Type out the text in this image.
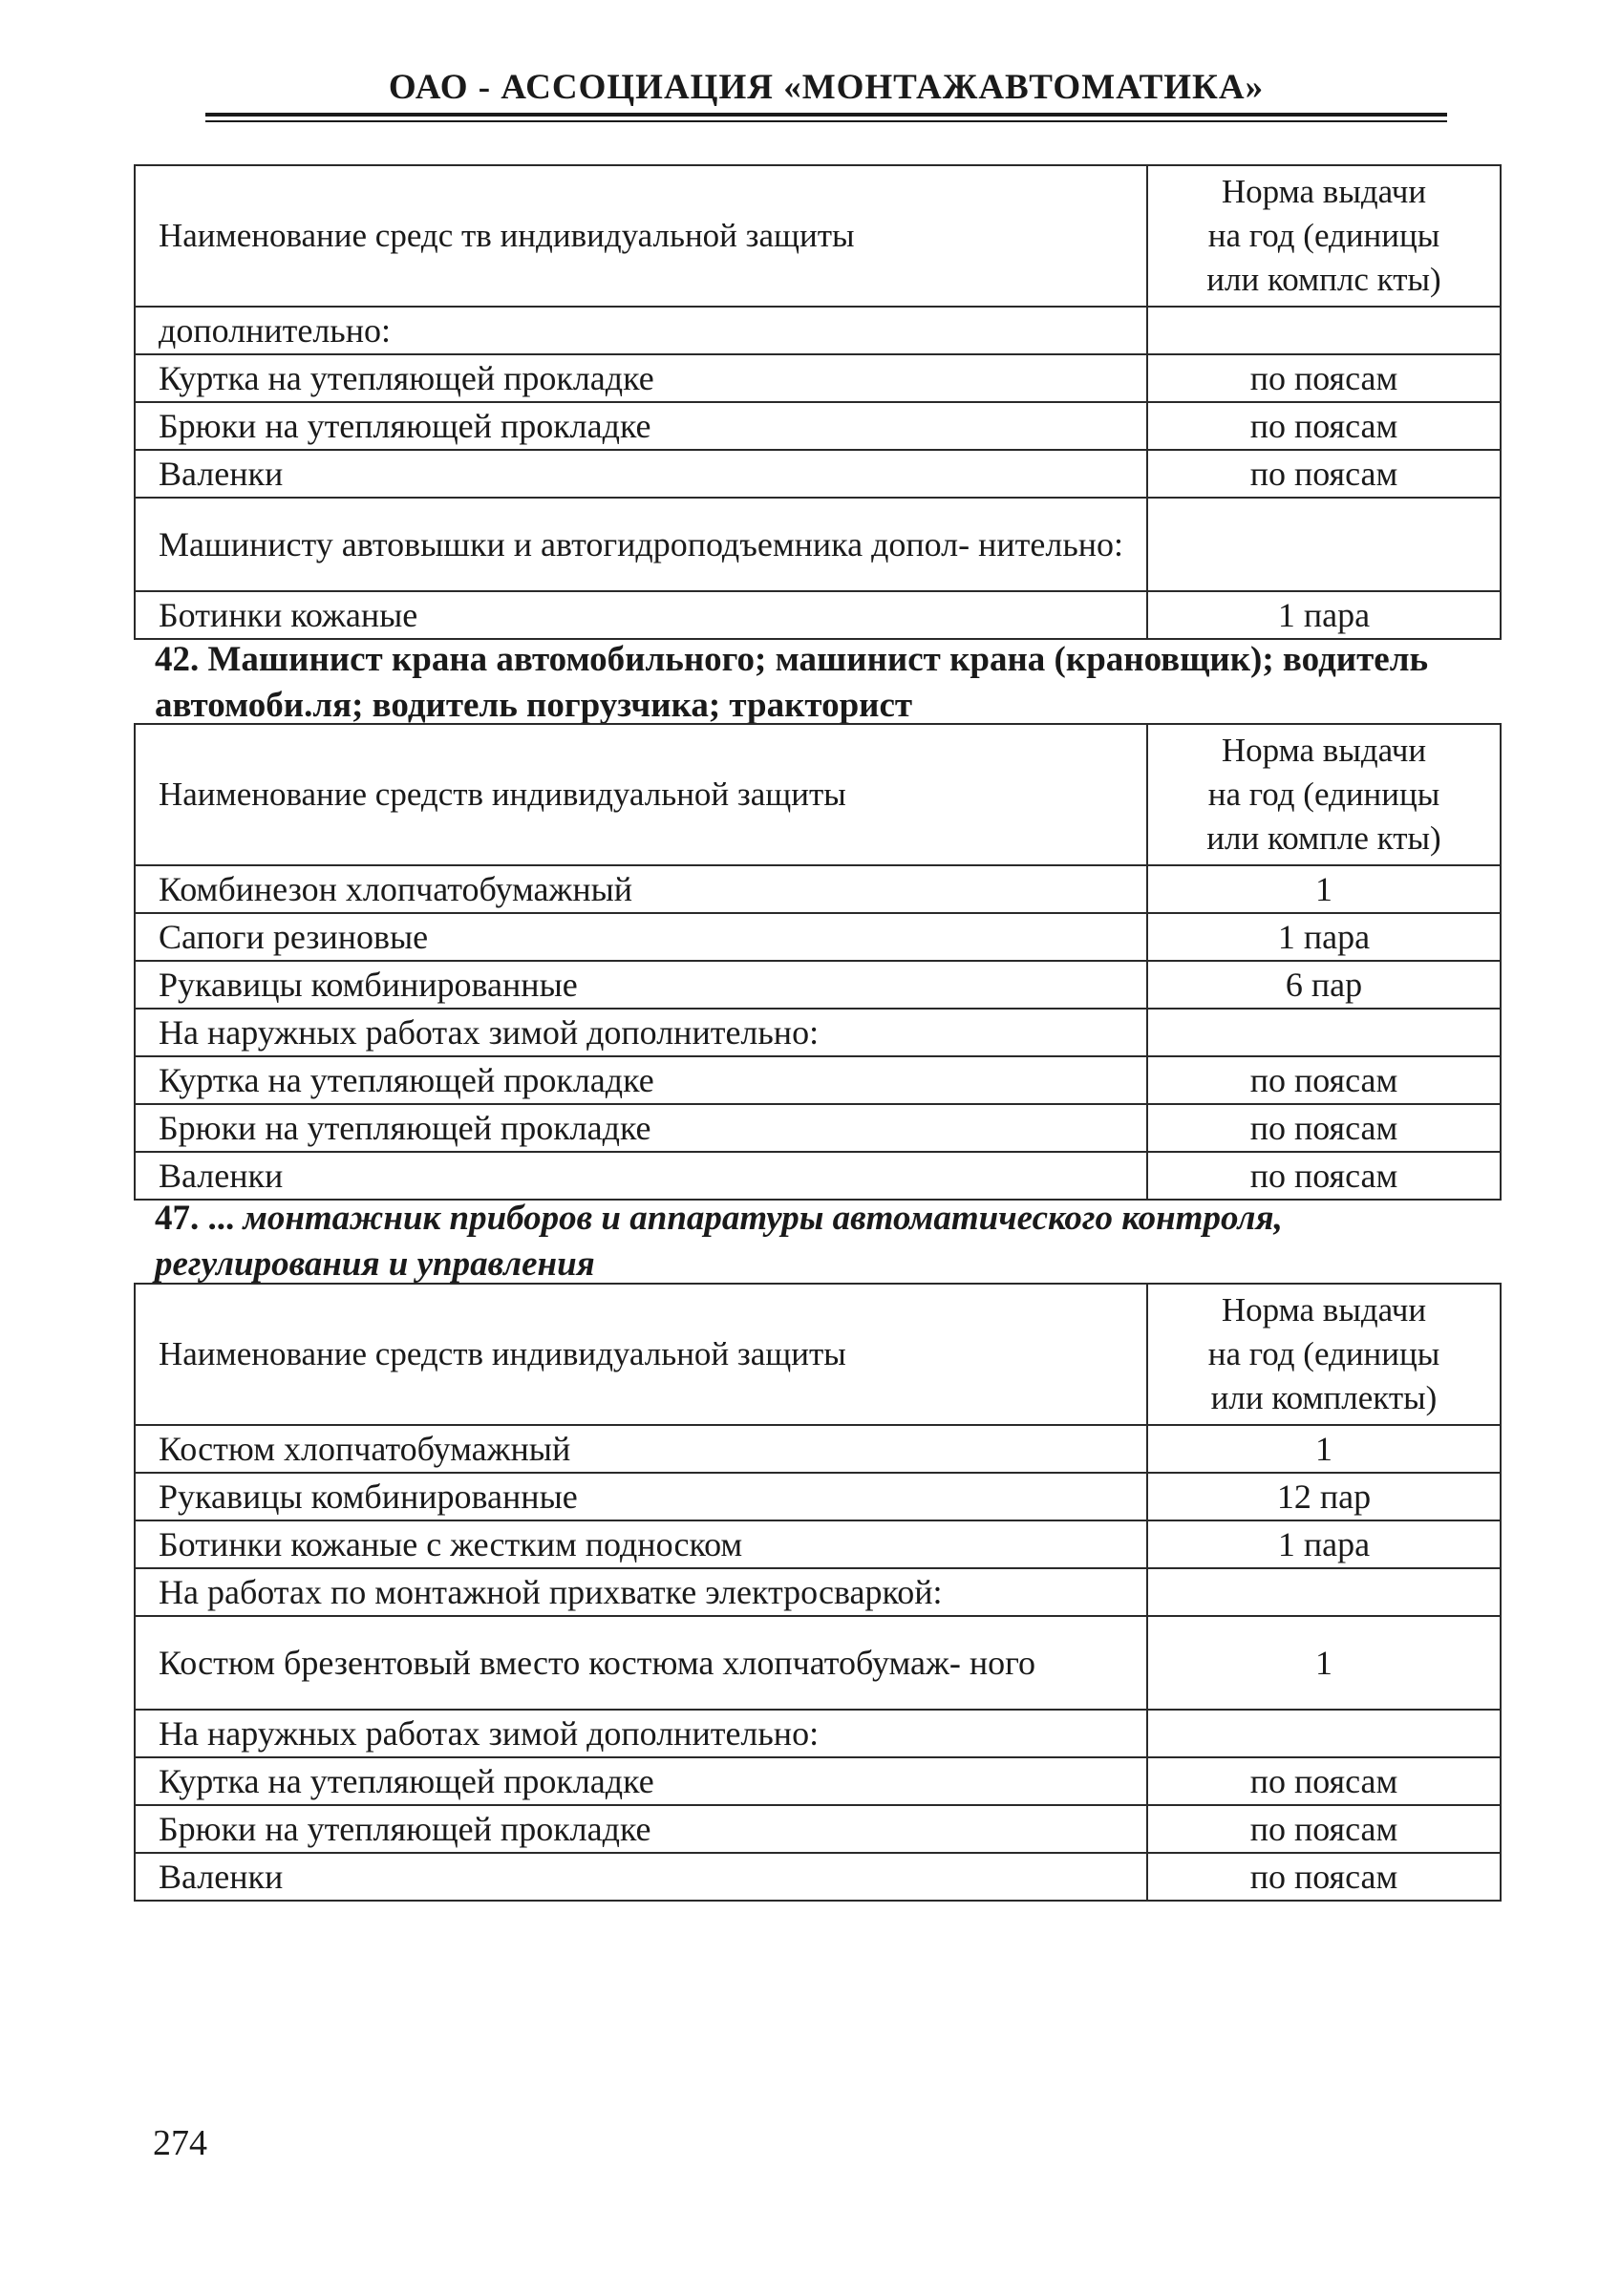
ОАО - АССОЦИАЦИЯ «МОНТАЖАВТОМАТИКА»
Наименование средс тв индивидуальной защиты	Норма выдачи
на год (единицы
или комплс кты)

дополнительно:	
Куртка на утепляющей прокладке	по поясам
Брюки на утепляющей прокладке	по поясам
Валенки	по поясам
Машинисту автовышки и автогидроподъемника допол- нительно:	
Ботинки кожаные	1 пара
42. Машинист крана автомобильного; машинист крана (крановщик); водитель автомоби.ля; водитель погрузчика; тракторист
Наименование средств индивидуальной защиты	Норма выдачи
на год (единицы
или компле кты)

Комбинезон хлопчатобумажный	1
Сапоги резиновые	1 пара
Рукавицы комбинированные	6 пар
На наружных работах зимой дополнительно:	
Куртка на утепляющей прокладке	по поясам
Брюки на утепляющей прокладке	по поясам
Валенки	по поясам
47. ... монтажник приборов и аппаратуры автоматического контроля, регулирования и управления
Наименование средств индивидуальной защиты	Норма выдачи
на год (единицы
или комплекты)

Костюм хлопчатобумажный	1
Рукавицы комбинированные	12 пар
Ботинки кожаные с жестким подноском	1 пара
На работах по монтажной прихватке электросваркой:	
Костюм брезентовый вместо костюма хлопчатобумаж- ного	1
На наружных работах зимой дополнительно:	
Куртка на утепляющей прокладке	по поясам
Брюки на утепляющей прокладке	по поясам
Валенки	по поясам
274
